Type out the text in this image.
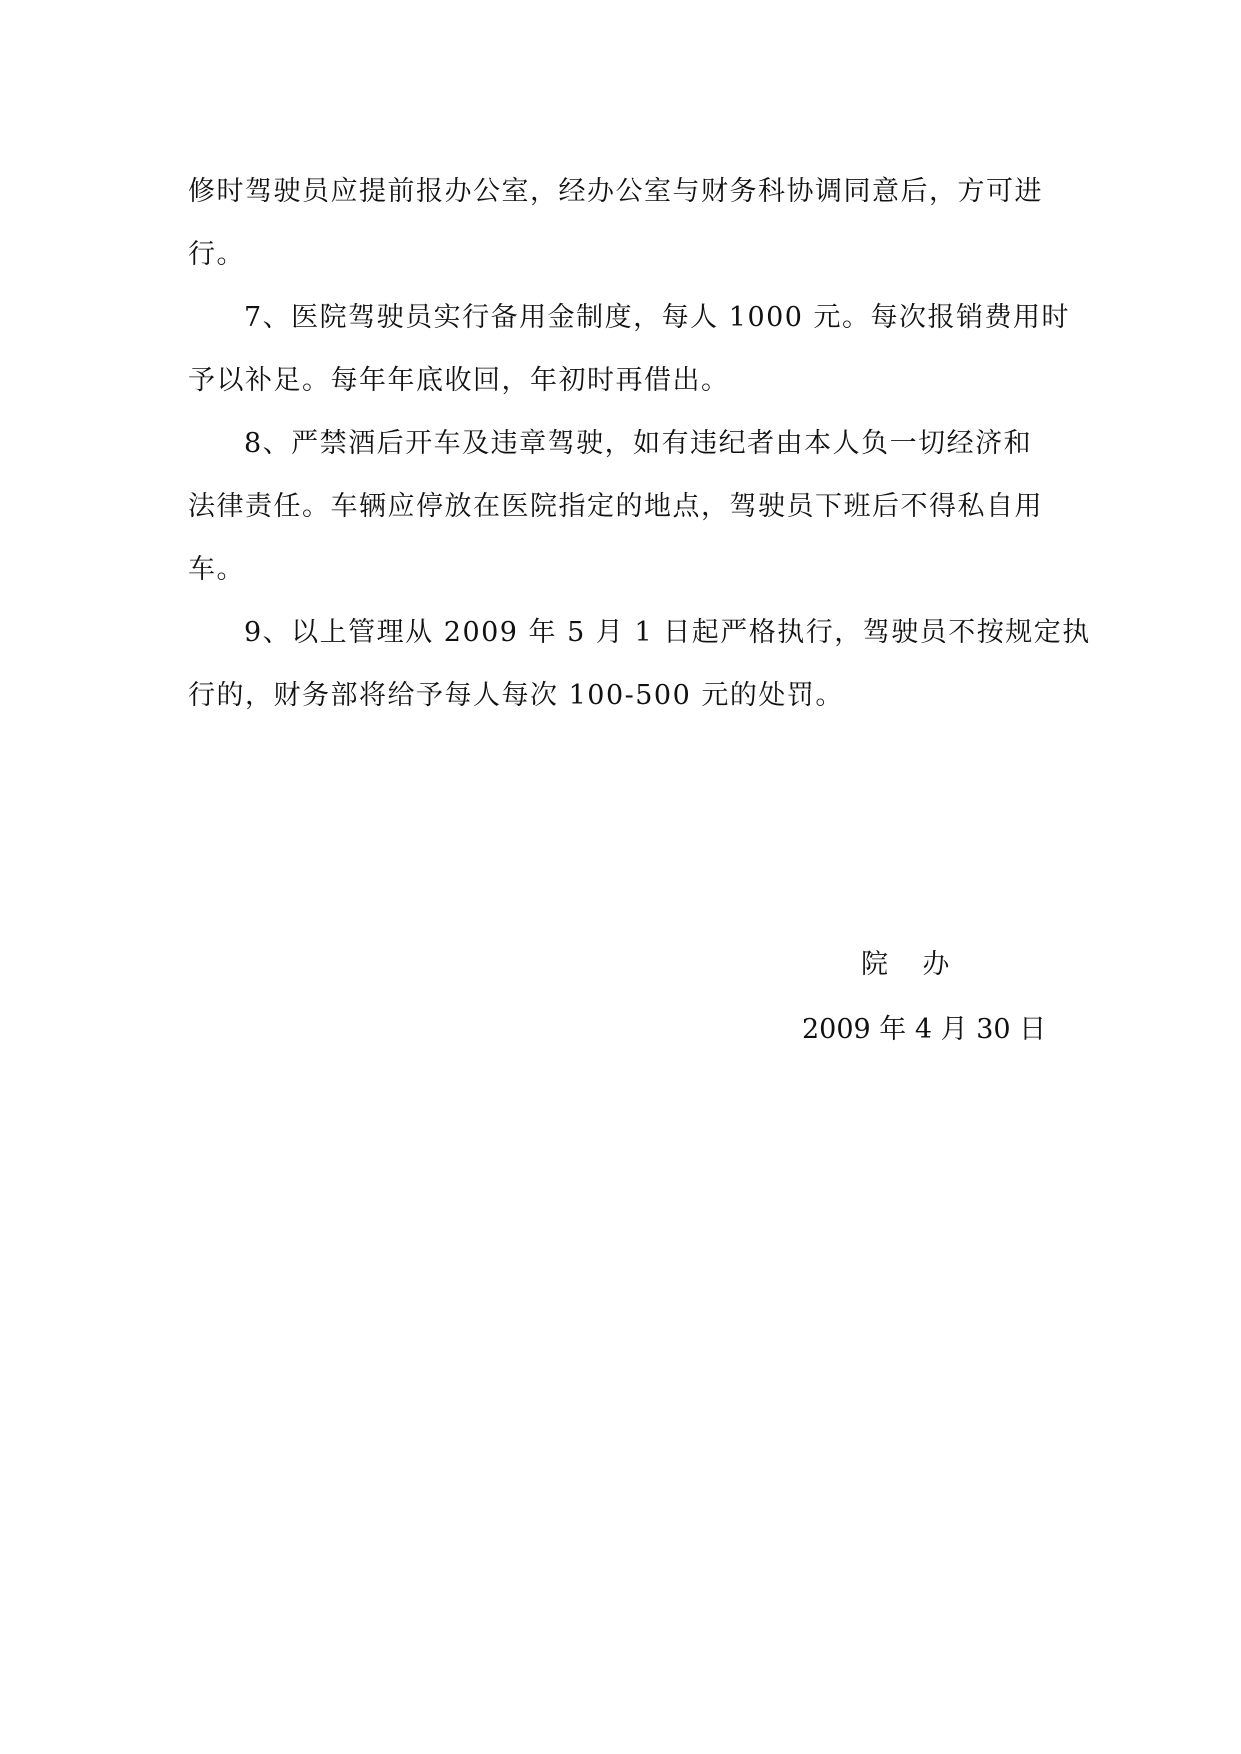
修时驾驶员应提前报办公室，经办公室与财务科协调同意后，方可进
行。

7、医院驾驶员实行备用金制度，每人 1000 元。每次报销费用时
予以补足。每年年底收回，年初时再借出。

8、严禁酒后开车及违章驾驶，如有违纪者由本人负一切经济和
法律责任。车辆应停放在医院指定的地点，驾驶员下班后不得私自用
车。

9、以上管理从 2009 年 5 月 1 日起严格执行，驾驶员不按规定执
行的，财务部将给予每人每次 100-500 元的处罚。

院    办
2009 年 4 月 30 日
